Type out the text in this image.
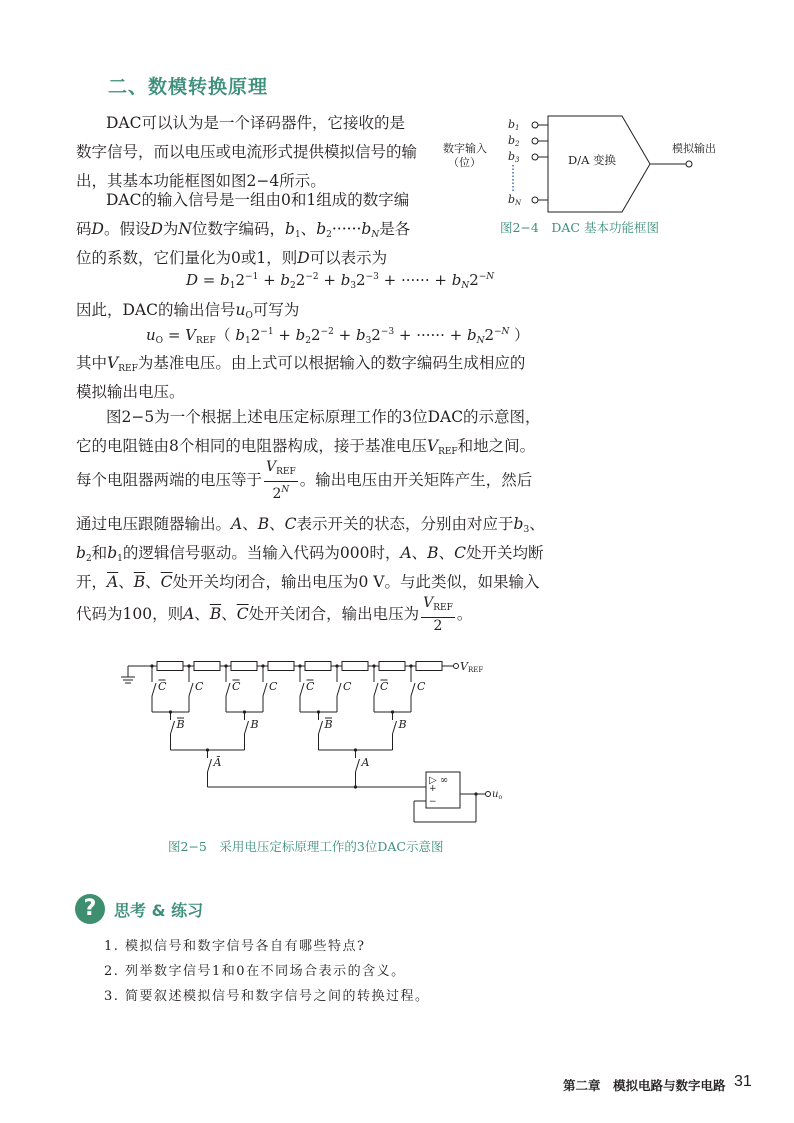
二、数模转换原理
DAC可以认为是一个译码器件，它接收的是
数字信号，而以电压或电流形式提供模拟信号的输
出，其基本功能框图如图2−4所示。
DAC的输入信号是一组由0和1组成的数字编
码D。假设D为N位数字编码，$b_1$、$b_2\cdot\cdot\cdot\cdot\cdot\cdot b_N$是各
位的系数，它们量化为0或1，则D可以表示为
$D = b_12^{-1} + b_22^{-2} + b_32^{-3}$ + ······ + $b_N2^{-N}$
因此，DAC的输出信号$u_O$可写为
$u_O = V_{REF}$（ $b_12^{-1} + b_22^{-2} + b_32^{-3}$ + ······ + $b_N2^{-N}$ ）
其中$V_{REF}$为基准电压。由上式可以根据输入的数字编码生成相应的
模拟输出电压。
图2−5为一个根据上述电压定标原理工作的3位DAC的示意图，
它的电阻链由8个相同的电阻器构成，接于基准电压$V_{REF}$和地之间。
每个电阻器两端的电压等于 $\frac{V_{REF}}{2^N}$ 。输出电压由开关矩阵产生，然后
通过电压跟随器输出。A、B、C表示开关的状态，分别由对应于$b_3$、
$b_2$和$b_1$的逻辑信号驱动。当输入代码为000时，A、B、C处开关均断
开，$\overline{A}$、$\overline{B}$、$\overline{C}$处开关均闭合，输出电压为0 V。与此类似，如果输入
代码为100，则A、$\overline{B}$、$\overline{C}$处开关闭合，输出电压为 $\frac{V_{REF}}{2}$ 。
数字输入
（位）
b1
b2
b3
bN
D/A 变换
模拟输出
图2−4　DAC 基本功能框图
VREF
C	C	C	C	C	C	C	C
B	B	B	B
Ā	A
▷ ∞
+
−
$u_o$
图2−5　采用电压定标原理工作的3位DAC示意图
?	思考 & 练习
1. 模拟信号和数字信号各自有哪些特点?
2. 列举数字信号1和0在不同场合表示的含义。
3. 简要叙述模拟信号和数字信号之间的转换过程。
第二章　模拟电路与数字电路 31
